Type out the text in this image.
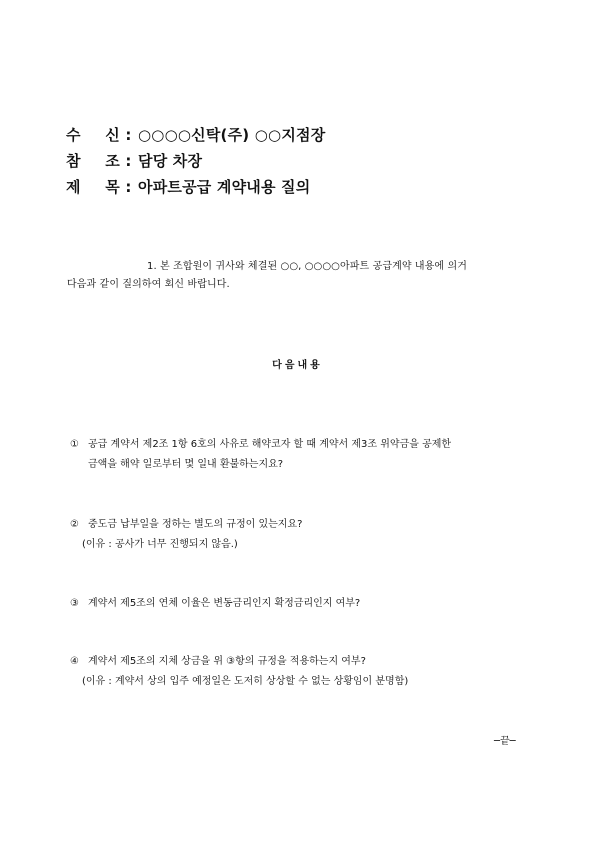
수 신 : ○○○○신탁(주) ○○지점장
참 조 : 담당 차장
제 목 : 아파트공급 계약내용 질의
1. 본 조합원이 귀사와 체결된 ○○, ○○○○아파트 공급계약 내용에 의거
다음과 같이 질의하여 회신 바랍니다.
다음내용
① 공급 계약서 제2조 1항 6호의 사유로 해약코자 할 때 계약서 제3조 위약금을 공제한
금액을 해약 일로부터 몇 일내 환불하는지요?
② 중도금 납부일을 정하는 별도의 규정이 있는지요?
(이유 : 공사가 너무 진행되지 않음.)
③ 계약서 제5조의 연체 이율은 변동금리인지 확정금리인지 여부?
④ 계약서 제5조의 지체 상금을 위 ③항의 규정을 적용하는지 여부?
(이유 : 계약서 상의 입주 예정일은 도저히 상상할 수 없는 상황임이 분명함)
─끝─
